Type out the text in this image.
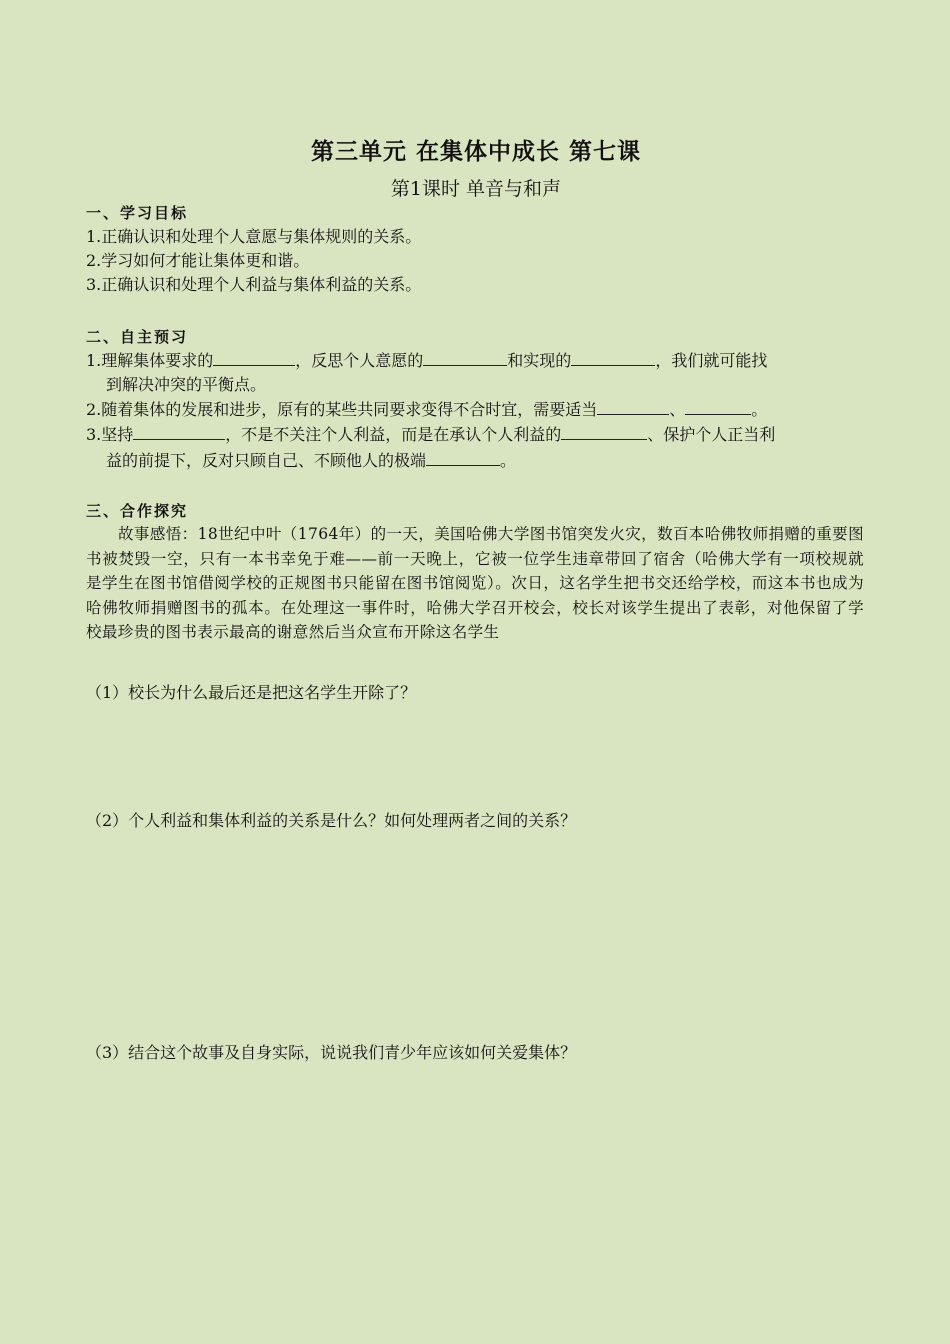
第三单元 在集体中成长 第七课
第1课时 单音与和声
一、学习目标
1.正确认识和处理个人意愿与集体规则的关系。
2.学习如何才能让集体更和谐。
3.正确认识和处理个人利益与集体利益的关系。
二、自主预习
1.理解集体要求的	，反思个人意愿的	和实现的	，我们就可能找
到解决冲突的平衡点。
2.随着集体的发展和进步，原有的某些共同要求变得不合时宜，需要适当	、	。
3.坚持	，不是不关注个人利益，而是在承认个人利益的	、保护个人正当利
益的前提下，反对只顾自己、不顾他人的极端	。
三、合作探究
故事感悟：18世纪中叶（1764年）的一天，美国哈佛大学图书馆突发火灾，数百本哈佛牧师捐赠的重要图书被焚毁一空，只有一本书幸免于难——前一天晚上，它被一位学生违章带回了宿舍（哈佛大学有一项校规就是学生在图书馆借阅学校的正规图书只能留在图书馆阅览）。次日，这名学生把书交还给学校，而这本书也成为哈佛牧师捐赠图书的孤本。在处理这一事件时，哈佛大学召开校会，校长对该学生提出了表彰，对他保留了学校最珍贵的图书表示最高的谢意然后当众宣布开除这名学生
（1）校长为什么最后还是把这名学生开除了？
（2）个人利益和集体利益的关系是什么？如何处理两者之间的关系？
（3）结合这个故事及自身实际，说说我们青少年应该如何关爱集体？
